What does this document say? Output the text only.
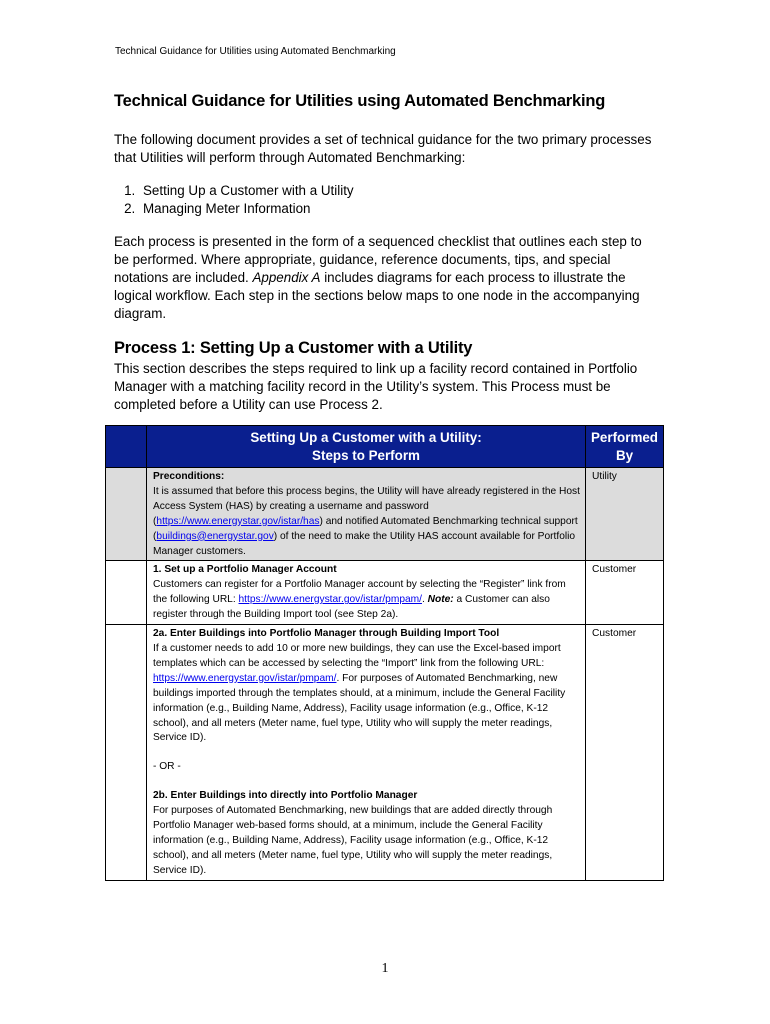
Technical Guidance for Utilities using Automated Benchmarking
Technical Guidance for Utilities using Automated Benchmarking

The following document provides a set of technical guidance for the two primary processes that Utilities will perform through Automated Benchmarking:

1. Setting Up a Customer with a Utility
2. Managing Meter Information

Each process is presented in the form of a sequenced checklist that outlines each step to be performed. Where appropriate, guidance, reference documents, tips, and special notations are included. Appendix A includes diagrams for each process to illustrate the logical workflow. Each step in the sections below maps to one node in the accompanying diagram.

Process 1: Setting Up a Customer with a Utility

This section describes the steps required to link up a facility record contained in Portfolio Manager with a matching facility record in the Utility’s system. This Process must be completed before a Utility can use Process 2.

	Setting Up a Customer with a Utility:
Steps to Perform	Performed
By

	Preconditions:
It is assumed that before this process begins, the Utility will have already registered in the Host Access System (HAS) by creating a username and password (https://www.energystar.gov/istar/has) and notified Automated Benchmarking technical support (buildings@energystar.gov) of the need to make the Utility HAS account available for Portfolio Manager customers.	Utility

	1. Set up a Portfolio Manager Account
Customers can register for a Portfolio Manager account by selecting the “Register” link from the following URL: https://www.energystar.gov/istar/pmpam/. Note: a Customer can also register through the Building Import tool (see Step 2a).	Customer

	2a. Enter Buildings into Portfolio Manager through Building Import Tool
If a customer needs to add 10 or more new buildings, they can use the Excel-based import templates which can be accessed by selecting the “Import” link from the following URL: https://www.energystar.gov/istar/pmpam/. For purposes of Automated Benchmarking, new buildings imported through the templates should, at a minimum, include the General Facility information (e.g., Building Name, Address), Facility usage information (e.g., Office, K-12 school), and all meters (Meter name, fuel type, Utility who will supply the meter readings, Service ID).
- OR -
2b. Enter Buildings into directly into Portfolio Manager
For purposes of Automated Benchmarking, new buildings that are added directly through Portfolio Manager web-based forms should, at a minimum, include the General Facility information (e.g., Building Name, Address), Facility usage information (e.g., Office, K-12 school), and all meters (Meter name, fuel type, Utility who will supply the meter readings, Service ID).	Customer
1
